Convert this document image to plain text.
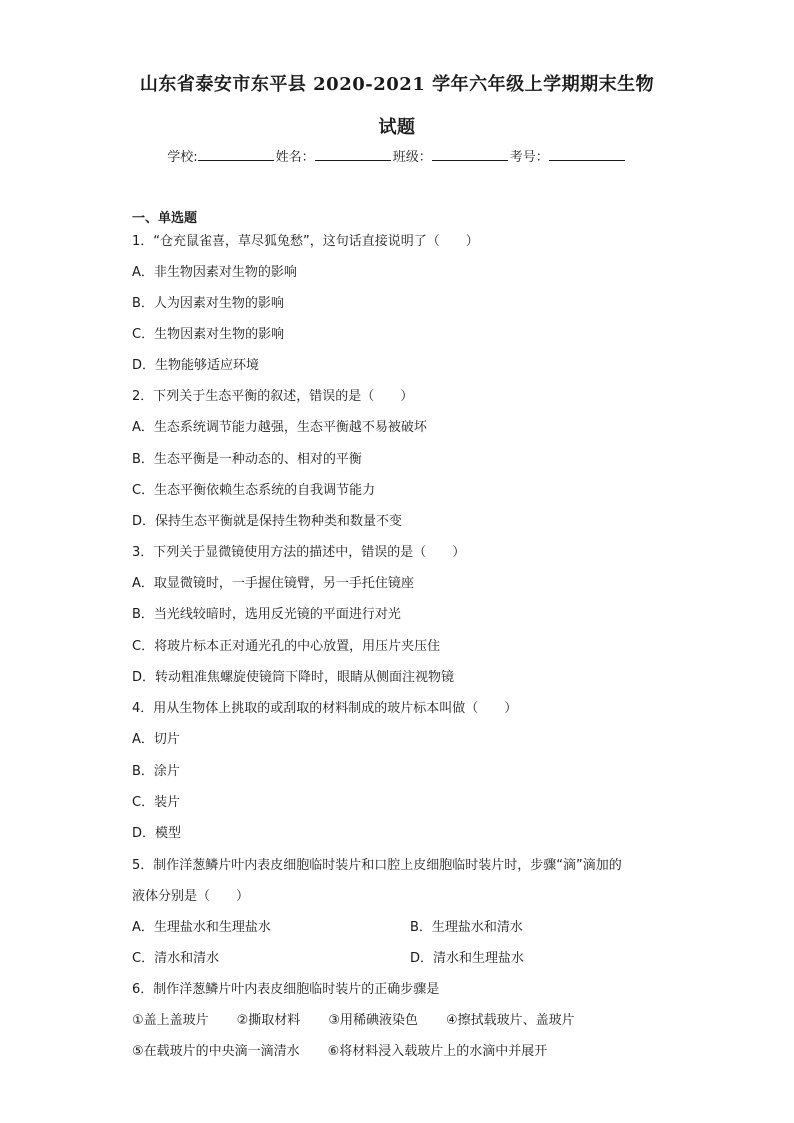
山东省泰安市东平县 2020-2021 学年六年级上学期期末生物
试题
学校:	姓名：	班级：	考号：
一、单选题
1．“仓充鼠雀喜，草尽狐兔愁”，这句话直接说明了（　　）
A．非生物因素对生物的影响
B．人为因素对生物的影响
C．生物因素对生物的影响
D．生物能够适应环境
2．下列关于生态平衡的叙述，错误的是（　　）
A．生态系统调节能力越强，生态平衡越不易被破坏
B．生态平衡是一种动态的、相对的平衡
C．生态平衡依赖生态系统的自我调节能力
D．保持生态平衡就是保持生物种类和数量不变
3．下列关于显微镜使用方法的描述中，错误的是（　　）
A．取显微镜时，一手握住镜臂，另一手托住镜座
B．当光线较暗时，选用反光镜的平面进行对光
C．将玻片标本正对通光孔的中心放置，用压片夹压住
D．转动粗准焦螺旋使镜筒下降时，眼睛从侧面注视物镜
4．用从生物体上挑取的或刮取的材料制成的玻片标本叫做（　　）
A．切片
B．涂片
C．装片
D．模型
5．制作洋葱鳞片叶内表皮细胞临时装片和口腔上皮细胞临时装片时，步骤“滴”滴加的
液体分别是（　　）
A．生理盐水和生理盐水	B．生理盐水和清水
C．清水和清水	D．清水和生理盐水
6．制作洋葱鳞片叶内表皮细胞临时装片的正确步骤是
①盖上盖玻片 ②撕取材料 ③用稀碘液染色 ④擦拭载玻片、盖玻片
⑤在载玻片的中央滴一滴清水 ⑥将材料浸入载玻片上的水滴中并展开
